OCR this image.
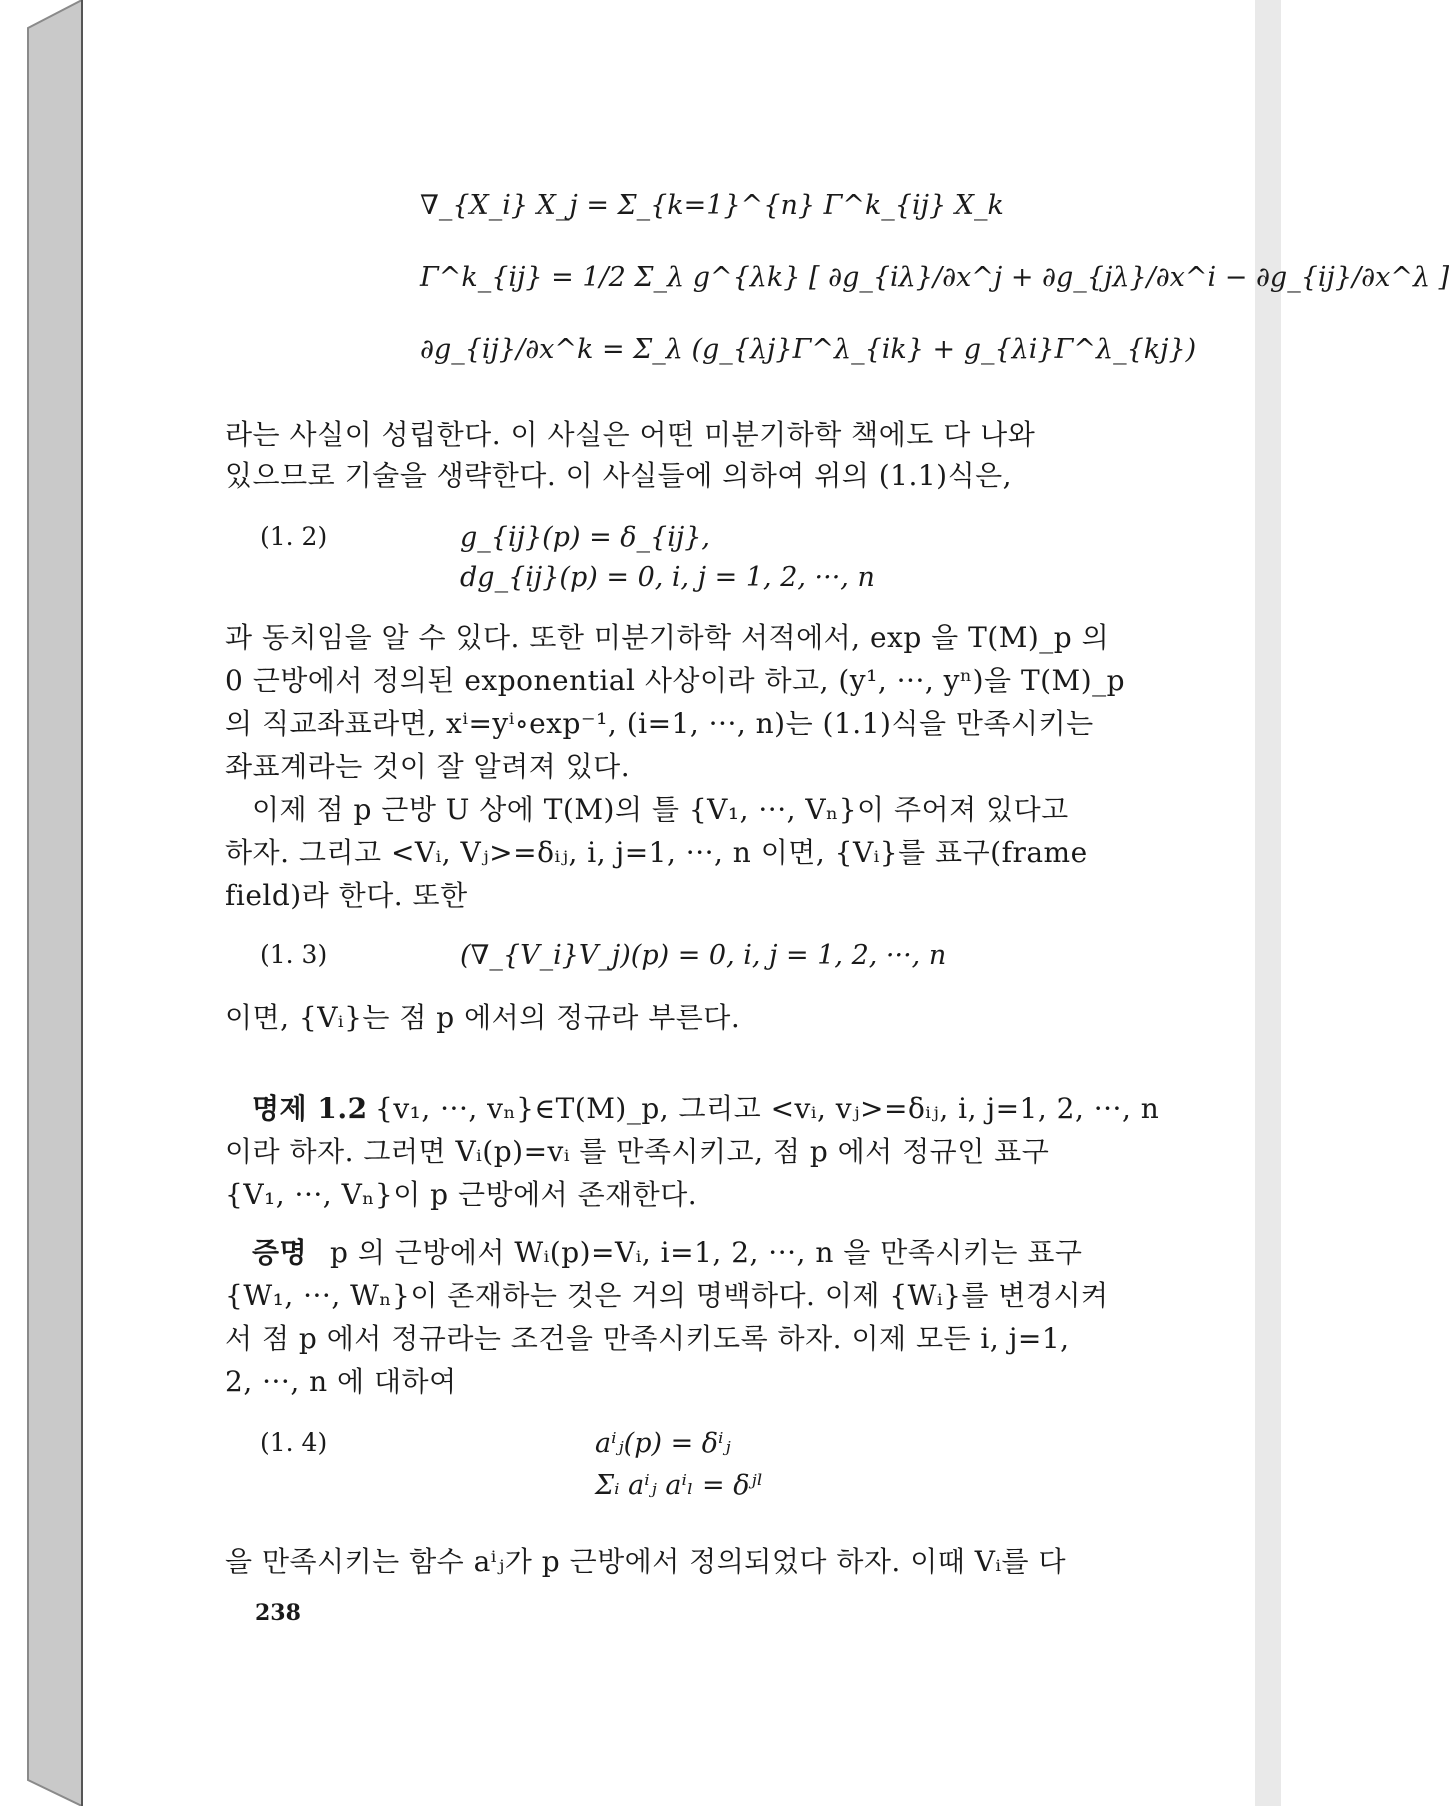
∇_{X_i} X_j = Σ_{k=1}^{n} Γ^k_{ij} X_k
Γ^k_{ij} = 1/2 Σ_λ g^{λk} [ ∂g_{iλ}/∂x^j + ∂g_{jλ}/∂x^i − ∂g_{ij}/∂x^λ ]
∂g_{ij}/∂x^k = Σ_λ (g_{λj}Γ^λ_{ik} + g_{λi}Γ^λ_{kj})
라는 사실이 성립한다. 이 사실은 어떤 미분기하학 책에도 다 나와
있으므로 기술을 생략한다. 이 사실들에 의하여 위의 (1.1)식은,
(1. 2)	g_{ij}(p) = δ_{ij},
dg_{ij}(p) = 0, i, j = 1, 2, ···, n
과 동치임을 알 수 있다. 또한 미분기하학 서적에서, exp 을 T(M)_p 의
0 근방에서 정의된 exponential 사상이라 하고, (y¹, ···, yⁿ)을 T(M)_p
의 직교좌표라면, xⁱ=yⁱ∘exp⁻¹, (i=1, ···, n)는 (1.1)식을 만족시키는
좌표계라는 것이 잘 알려져 있다.
이제 점 p 근방 U 상에 T(M)의 틀 {V₁, ···, Vₙ}이 주어져 있다고
하자. 그리고 <Vᵢ, Vⱼ>=δᵢⱼ, i, j=1, ···, n 이면, {Vᵢ}를 표구(frame
field)라 한다. 또한
(1. 3)	(∇_{V_i}V_j)(p) = 0, i, j = 1, 2, ···, n
이면, {Vᵢ}는 점 p 에서의 정규라 부른다.
명제 1.2 {v₁, ···, vₙ}∈T(M)_p, 그리고 <vᵢ, vⱼ>=δᵢⱼ, i, j=1, 2, ···, n
이라 하자. 그러면 Vᵢ(p)=vᵢ 를 만족시키고, 점 p 에서 정규인 표구
{V₁, ···, Vₙ}이 p 근방에서 존재한다.
증명 p 의 근방에서 Wᵢ(p)=Vᵢ, i=1, 2, ···, n 을 만족시키는 표구
{W₁, ···, Wₙ}이 존재하는 것은 거의 명백하다. 이제 {Wᵢ}를 변경시켜
서 점 p 에서 정규라는 조건을 만족시키도록 하자. 이제 모든 i, j=1,
2, ···, n 에 대하여
(1. 4)	aⁱⱼ(p) = δⁱⱼ
Σᵢ aⁱⱼ aⁱₗ = δʲˡ
을 만족시키는 함수 aⁱⱼ가 p 근방에서 정의되었다 하자. 이때 Vᵢ를 다
238
